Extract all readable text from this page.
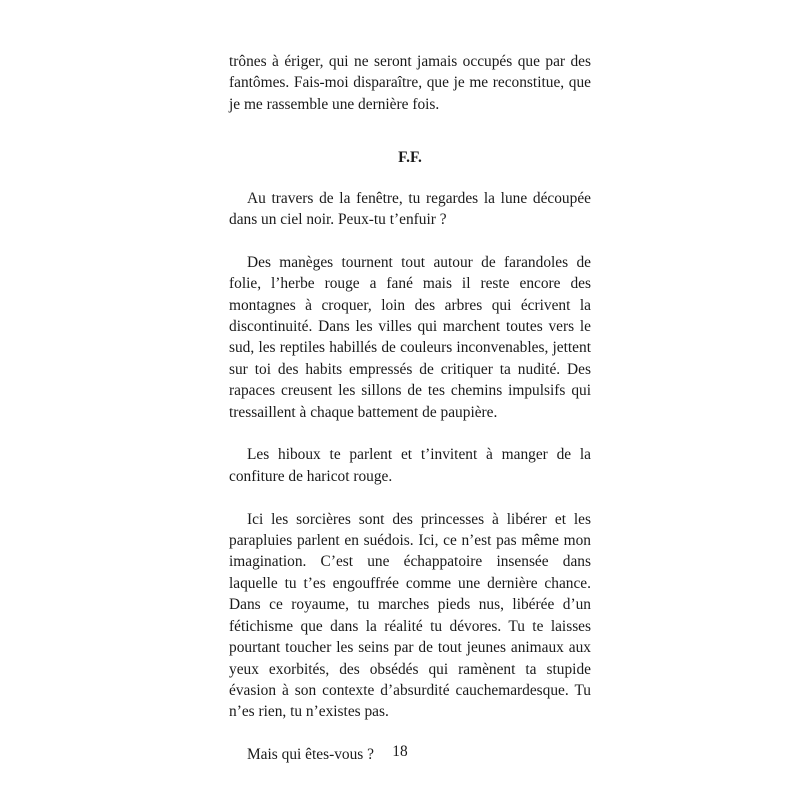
trônes à ériger, qui ne seront jamais occupés que par des fantômes. Fais-moi disparaître, que je me reconstitue, que je me rassemble une dernière fois.

F.F.

Au travers de la fenêtre, tu regardes la lune découpée dans un ciel noir. Peux-tu t’enfuir ?

Des manèges tournent tout autour de farandoles de folie, l’herbe rouge a fané mais il reste encore des montagnes à croquer, loin des arbres qui écrivent la discontinuité. Dans les villes qui marchent toutes vers le sud, les reptiles habillés de couleurs inconvenables, jettent sur toi des habits empressés de critiquer ta nudité. Des rapaces creusent les sillons de tes chemins impulsifs qui tressaillent à chaque battement de paupière.

Les hiboux te parlent et t’invitent à manger de la confiture de haricot rouge.

Ici les sorcières sont des princesses à libérer et les parapluies parlent en suédois. Ici, ce n’est pas même mon imagination. C’est une échappatoire insensée dans laquelle tu t’es engouffrée comme une dernière chance. Dans ce royaume, tu marches pieds nus, libérée d’un fétichisme que dans la réalité tu dévores. Tu te laisses pourtant toucher les seins par de tout jeunes animaux aux yeux exorbités, des obsédés qui ramènent ta stupide évasion à son contexte d’absurdité cauchemardesque. Tu n’es rien, tu n’existes pas.

Mais qui êtes-vous ?	18
